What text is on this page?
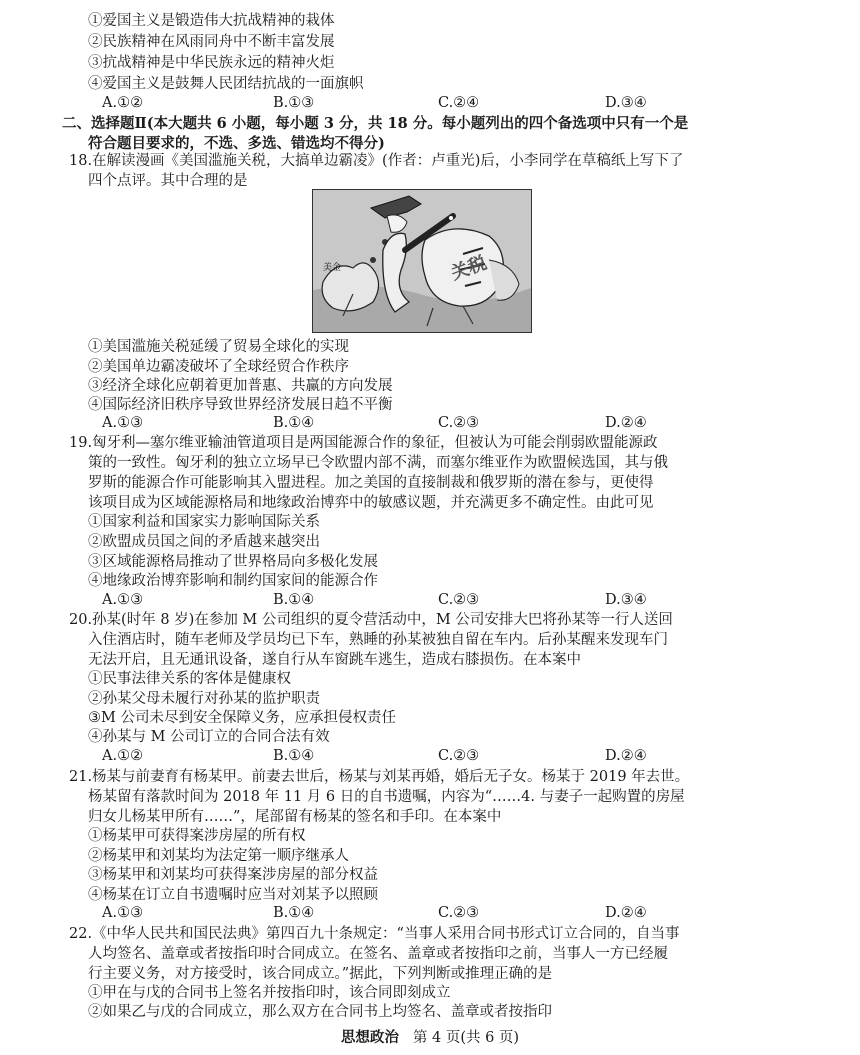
①爱国主义是锻造伟大抗战精神的栽体
②民族精神在风雨同舟中不断丰富发展
③抗战精神是中华民族永远的精神火炬
④爱国主义是鼓舞人民团结抗战的一面旗帜
A.①②	B.①③	C.②④	D.③④
二、选择题Ⅱ(本大题共 6 小题，每小题 3 分，共 18 分。每小题列出的四个备选项中只有一个是
符合题目要求的，不选、多选、错选均不得分)
18.在解读漫画《美国滥施关税，大搞单边霸凌》(作者：卢重光)后，小李同学在草稿纸上写下了
四个点评。其中合理的是
美金	关税
①美国滥施关税延缓了贸易全球化的实现
②美国单边霸凌破坏了全球经贸合作秩序
③经济全球化应朝着更加普惠、共赢的方向发展
④国际经济旧秩序导致世界经济发展日趋不平衡
A.①③	B.①④	C.②③	D.②④
19.匈牙利—塞尔维亚输油管道项目是两国能源合作的象征，但被认为可能会削弱欧盟能源政
策的一致性。匈牙利的独立立场早已令欧盟内部不满，而塞尔维亚作为欧盟候选国，其与俄
罗斯的能源合作可能影响其入盟进程。加之美国的直接制裁和俄罗斯的潜在参与，更使得
该项目成为区域能源格局和地缘政治博弈中的敏感议题，并充满更多不确定性。由此可见
①国家利益和国家实力影响国际关系
②欧盟成员国之间的矛盾越来越突出
③区域能源格局推动了世界格局向多极化发展
④地缘政治博弈影响和制约国家间的能源合作
A.①③	B.①④	C.②③	D.③④
20.孙某(时年 8 岁)在参加 M 公司组织的夏令营活动中，M 公司安排大巴将孙某等一行人送回
入住酒店时，随车老师及学员均已下车，熟睡的孙某被独自留在车内。后孙某醒来发现车门
无法开启，且无通讯设备，遂自行从车窗跳车逃生，造成右膝损伤。在本案中
①民事法律关系的客体是健康权
②孙某父母未履行对孙某的监护职责
③M 公司未尽到安全保障义务，应承担侵权责任
④孙某与 M 公司订立的合同合法有效
A.①②	B.①④	C.②③	D.②④
21.杨某与前妻育有杨某甲。前妻去世后，杨某与刘某再婚，婚后无子女。杨某于 2019 年去世。
杨某留有落款时间为 2018 年 11 月 6 日的自书遗嘱，内容为“……4. 与妻子一起购置的房屋
归女儿杨某甲所有……”，尾部留有杨某的签名和手印。在本案中
①杨某甲可获得案涉房屋的所有权
②杨某甲和刘某均为法定第一顺序继承人
③杨某甲和刘某均可获得案涉房屋的部分权益
④杨某在订立自书遗嘱时应当对刘某予以照顾
A.①③	B.①④	C.②③	D.②④
22.《中华人民共和国民法典》第四百九十条规定：“当事人采用合同书形式订立合同的，自当事
人均签名、盖章或者按指印时合同成立。在签名、盖章或者按指印之前，当事人一方已经履
行主要义务，对方接受时，该合同成立。”据此，下列判断或推理正确的是
①甲在与戊的合同书上签名并按指印时，该合同即刻成立
②如果乙与戊的合同成立，那么双方在合同书上均签名、盖章或者按指印
思想政治 第 4 页(共 6 页)
